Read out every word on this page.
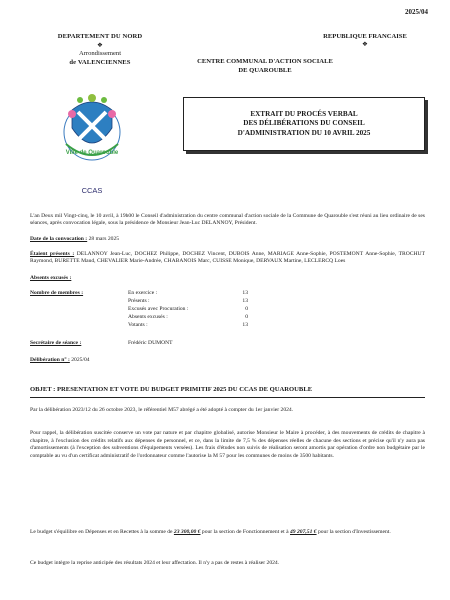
2025/04
DEPARTEMENT DU NORD
❖
Arrondissement
de VALENCIENNES
REPUBLIQUE FRANCAISE
❖
CENTRE COMMUNAL D'ACTION SOCIALE
DE QUAROUBLE
EXTRAIT DU PROCÉS VERBAL
DES DÉLIBÉRATIONS DU CONSEIL
D'ADMINISTRATION DU 10 AVRIL 2025
Ville de Quarouble
CCAS
L'an Deux mil Vingt-cinq, le 10 avril, à 19h00 le Conseil d'administration du centre communal d'action sociale de la Commune de Quarouble s'est réuni au lieu ordinaire de ses séances, après convocation légale, sous la présidence de Monsieur Jean-Luc DELANNOY, Président.
Date de la convocation : 28 mars 2025
Étaient présents : DELANNOY Jean-Luc, DOCHEZ Philippe, DOCHEZ Vincent, DUBOIS Anne, MARIAGE Anne-Sophie, POSTEMONT Anne-Sophie, TROCHUT Raymond, BURETTE Maud, CHEVALIER Marie-Andrée, CHABANOIS Marc, CUISSE Monique, DERVAUX Martine, LECLERCQ Loes
Absents excusés :
Nombre de membres :	En exercice :	13
Présents :	13
Excusés avec Procuration :	0
Absents excusés :	0
Votants :	13
Secrétaire de séance :	Frédéric DUMONT
Délibération n° : 2025/04
OBJET : PRESENTATION ET VOTE DU BUDGET PRIMITIF 2025 DU CCAS DE QUAROUBLE
Par la délibération 2023/12 du 26 octobre 2023, le référentiel M57 abrégé a été adopté à compter du 1er janvier 2024.
Pour rappel, la délibération suscitée conserve un vote par nature et par chapitre globalisé, autorise Monsieur le Maire à procéder, à des mouvements de crédits de chapitre à chapitre, à l'exclusion des crédits relatifs aux dépenses de personnel, et ce, dans la limite de 7,5 % des dépenses réelles de chacune des sections et précise qu'il n'y aura pas d'amortissements (à l'exception des subventions d'équipements versées). Les frais d'études non suivis de réalisation seront amortis par opération d'ordre non budgétaire par le comptable au vu d'un certificat administratif de l'ordonnateur comme l'autorise la M 57 pour les communes de moins de 3500 habitants.
Le budget s'équilibre en Dépenses et en Recettes à la somme de 23 300,00 € pour la section de Fonctionnement et à 49 207,51 € pour la section d'Investissement.
Ce budget intègre la reprise anticipée des résultats 2024 et leur affectation. Il n'y a pas de restes à réaliser 2024.
